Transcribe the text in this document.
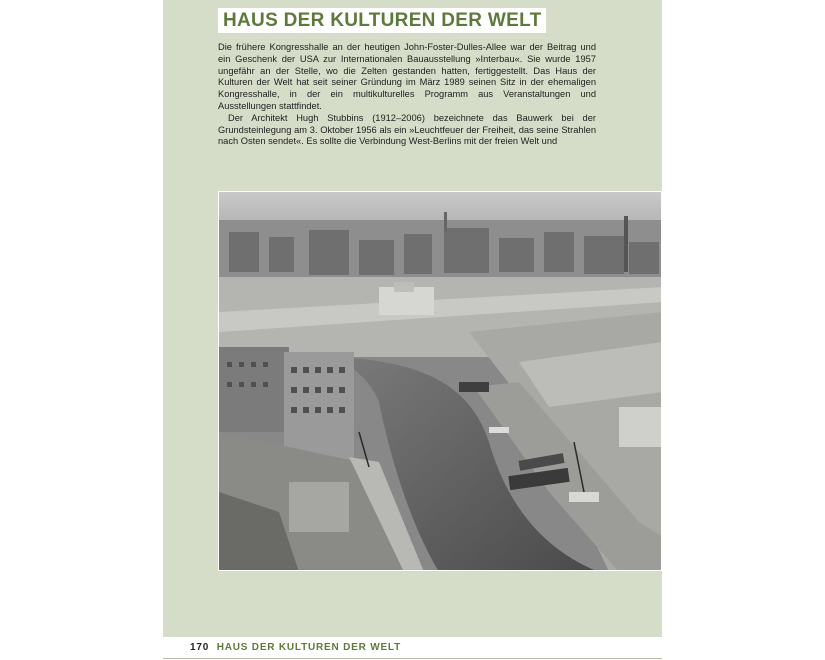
HAUS DER KULTUREN DER WELT

Die frühere Kongresshalle an der heutigen John-Foster-Dulles-Allee war der Beitrag und ein Geschenk der USA zur Internationalen Bauausstellung »Interbau«. Sie wurde 1957 ungefähr an der Stelle, wo die Zelten gestanden hatten, fertiggestellt. Das Haus der Kulturen der Welt hat seit seiner Gründung im März 1989 seinen Sitz in der ehemaligen Kongresshalle, in der ein multikulturelles Programm aus Veranstaltungen und Ausstellungen stattfindet.

Der Architekt Hugh Stubbins (1912–2006) bezeichnete das Bauwerk bei der Grundsteinlegung am 3. Oktober 1956 als ein »Leuchtfeuer der Freiheit, das seine Strahlen nach Osten sendet«. Es sollte die Verbindung West-Berlins mit der freien Welt und

170 HAUS DER KULTUREN DER WELT
